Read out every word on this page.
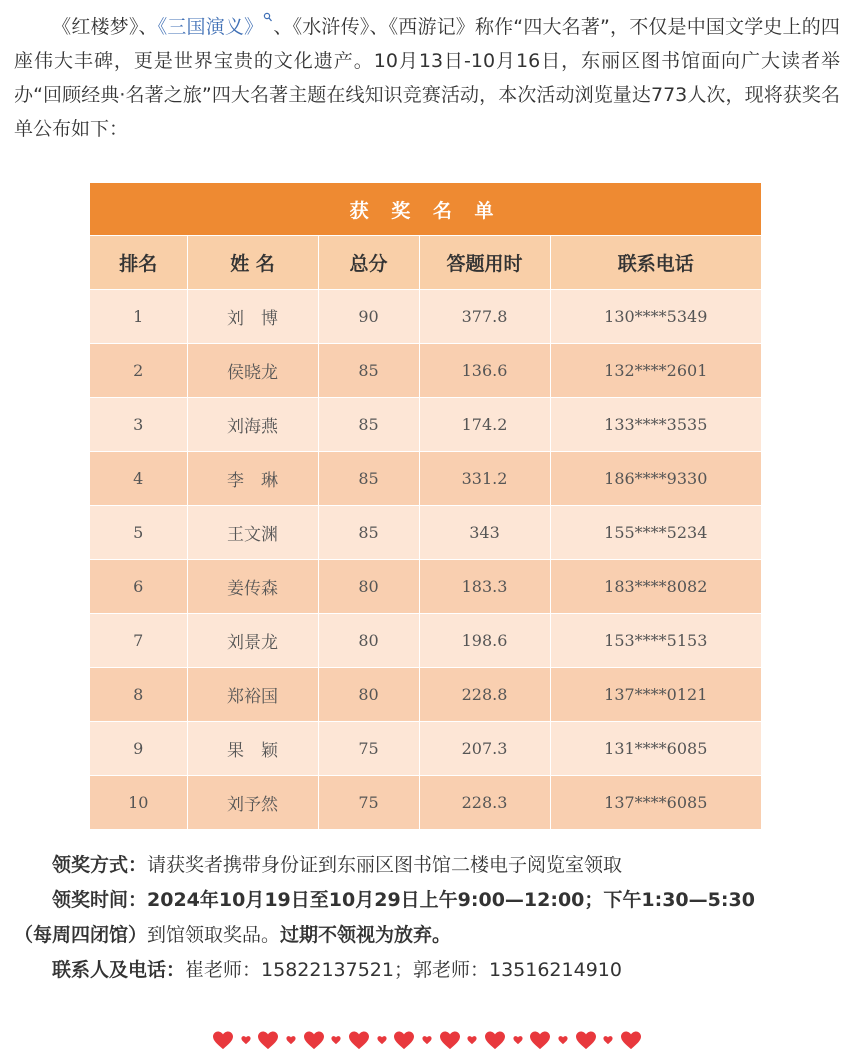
《红楼梦》、《三国演义》 、《水浒传》、《西游记》称作“四大名著”，不仅是中国文学史上的四座伟大丰碑，更是世界宝贵的文化遗产。10月13日-10月16日，东丽区图书馆面向广大读者举办“回顾经典·名著之旅”四大名著主题在线知识竞赛活动，本次活动浏览量达773人次，现将获奖名单公布如下：

获 奖 名 单				
排名	姓 名	总分	答题用时	联系电话
1	刘　博	90	377.8	130****5349
2	侯晓龙	85	136.6	132****2601
3	刘海燕	85	174.2	133****3535
4	李　琳	85	331.2	186****9330
5	王文渊	85	343	155****5234
6	姜传森	80	183.3	183****8082
7	刘景龙	80	198.6	153****5153
8	郑裕国	80	228.8	137****0121
9	果　颖	75	207.3	131****6085
10	刘予然	75	228.3	137****6085

领奖方式：请获奖者携带身份证到东丽区图书馆二楼电子阅览室领取

领奖时间：2024年10月19日至10月29日上午9:00—12:00；下午1:30—5:30

（每周四闭馆）到馆领取奖品。过期不领视为放弃。

联系人及电话：崔老师：15822137521；郭老师：13516214910
